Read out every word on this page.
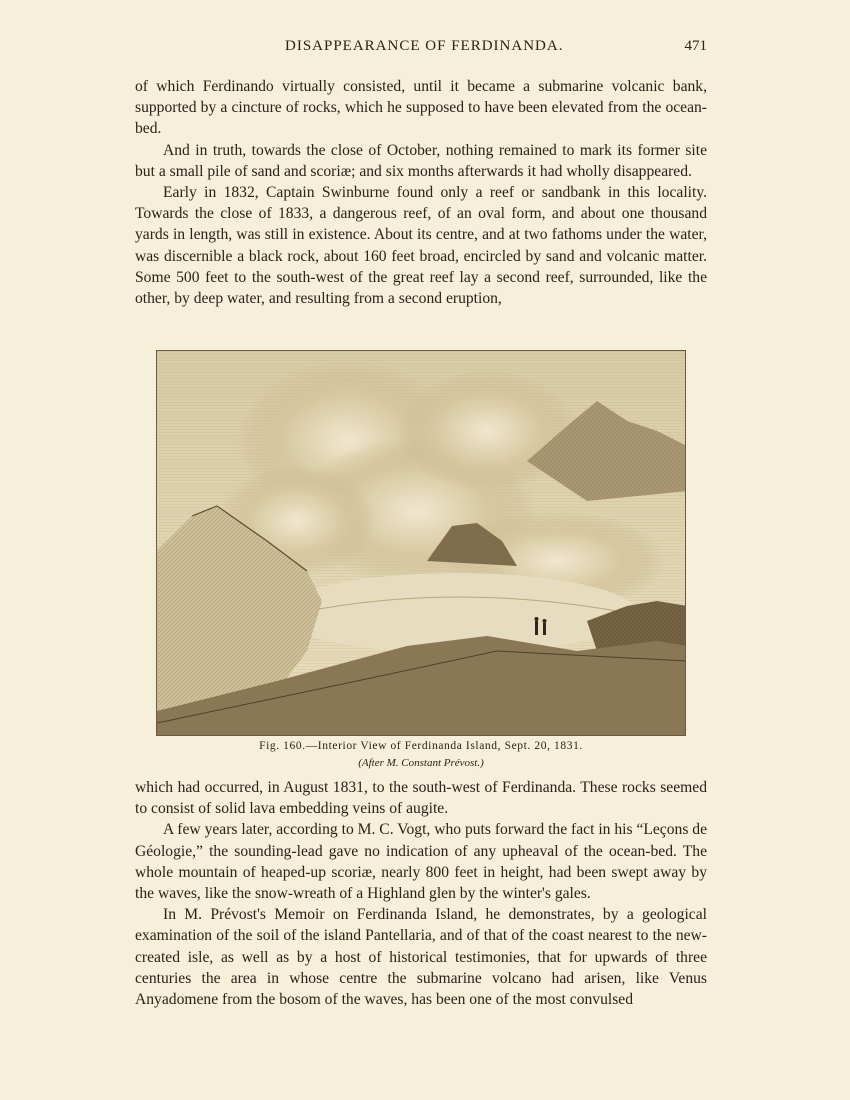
DISAPPEARANCE OF FERDINANDA.	471

of which Ferdinando virtually consisted, until it became a submarine volcanic bank, supported by a cincture of rocks, which he supposed to have been elevated from the ocean-bed.

And in truth, towards the close of October, nothing remained to mark its former site but a small pile of sand and scoriæ; and six months afterwards it had wholly disappeared.

Early in 1832, Captain Swinburne found only a reef or sandbank in this locality. Towards the close of 1833, a dangerous reef, of an oval form, and about one thousand yards in length, was still in existence. About its centre, and at two fathoms under the water, was discernible a black rock, about 160 feet broad, encircled by sand and volcanic matter. Some 500 feet to the south-west of the great reef lay a second reef, surrounded, like the other, by deep water, and resulting from a second eruption,

Fig. 160.—Interior View of Ferdinanda Island, Sept. 20, 1831.
(After M. Constant Prévost.)

which had occurred, in August 1831, to the south-west of Ferdinanda. These rocks seemed to consist of solid lava embedding veins of augite.

A few years later, according to M. C. Vogt, who puts forward the fact in his “Leçons de Géologie,” the sounding-lead gave no indication of any upheaval of the ocean-bed. The whole mountain of heaped-up scoriæ, nearly 800 feet in height, had been swept away by the waves, like the snow-wreath of a Highland glen by the winter's gales.

In M. Prévost's Memoir on Ferdinanda Island, he demonstrates, by a geological examination of the soil of the island Pantellaria, and of that of the coast nearest to the new-created isle, as well as by a host of historical testimonies, that for upwards of three centuries the area in whose centre the submarine volcano had arisen, like Venus Anyadomene from the bosom of the waves, has been one of the most convulsed
